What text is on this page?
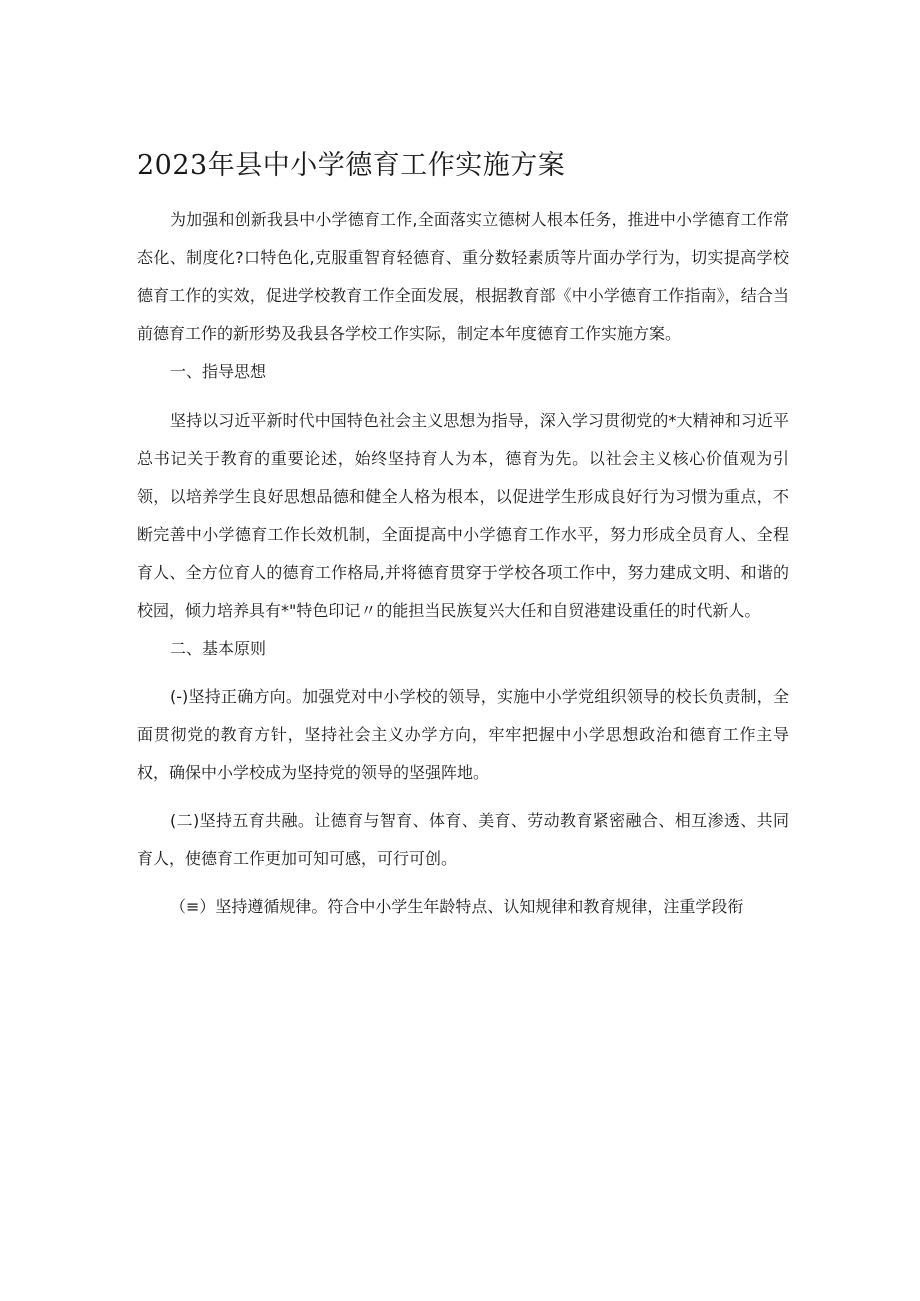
2023年县中小学德育工作实施方案

为加强和创新我县中小学德育工作,全面落实立德树人根本任务，推进中小学德育工作常态化、制度化?口特色化,克服重智育轻德育、重分数轻素质等片面办学行为，切实提高学校德育工作的实效，促进学校教育工作全面发展，根据教育部《中小学德育工作指南》，结合当前德育工作的新形势及我县各学校工作实际，制定本年度德育工作实施方案。

一、指导思想

坚持以习近平新时代中国特色社会主义思想为指导，深入学习贯彻党的*大精神和习近平总书记关于教育的重要论述，始终坚持育人为本，德育为先。以社会主义核心价值观为引领，以培养学生良好思想品德和健全人格为根本，以促进学生形成良好行为习惯为重点，不断完善中小学德育工作长效机制，全面提高中小学德育工作水平，努力形成全员育人、全程育人、全方位育人的德育工作格局,并将德育贯穿于学校各项工作中，努力建成文明、和谐的校园，倾力培养具有*"特色印记〃的能担当民族复兴大任和自贸港建设重任的时代新人。

二、基本原则

(-)坚持正确方向。加强党对中小学校的领导，实施中小学党组织领导的校长负责制，全面贯彻党的教育方针，坚持社会主义办学方向，牢牢把握中小学思想政治和德育工作主导权，确保中小学校成为坚持党的领导的坚强阵地。

(二)坚持五育共融。让德育与智育、体育、美育、劳动教育紧密融合、相互渗透、共同育人，使德育工作更加可知可感，可行可创。

（≡）坚持遵循规律。符合中小学生年龄特点、认知规律和教育规律，注重学段衔
